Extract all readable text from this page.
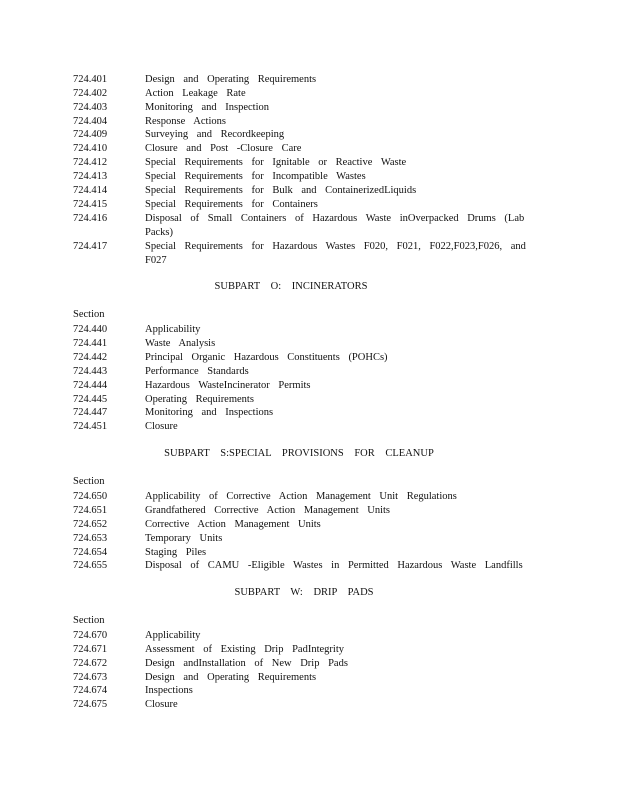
724.401	Design and Operating Requirements
724.402	Action Leakage Rate
724.403	Monitoring and Inspection
724.404	Response Actions
724.409	Surveying and Recordkeeping
724.410	Closure and Post -Closure Care
724.412	Special Requirements for Ignitable or Reactive Waste
724.413	Special Requirements for Incompatible Wastes
724.414	Special Requirements for Bulk and ContainerizedLiquids
724.415	Special Requirements for Containers
724.416	Disposal of Small Containers of Hazardous Waste inOverpacked Drums (Lab Packs)
724.417	Special Requirements for Hazardous Wastes F020, F021, F022,F023,F026, and F027
SUBPART O: INCINERATORS
Section
724.440	Applicability
724.441	Waste Analysis
724.442	Principal Organic Hazardous Constituents (POHCs)
724.443	Performance Standards
724.444	Hazardous WasteIncinerator Permits
724.445	Operating Requirements
724.447	Monitoring and Inspections
724.451	Closure
SUBPART S:SPECIAL PROVISIONS FOR CLEANUP
Section
724.650	Applicability of Corrective Action Management Unit Regulations
724.651	Grandfathered Corrective Action Management Units
724.652	Corrective Action Management Units
724.653	Temporary Units
724.654	Staging Piles
724.655	Disposal of CAMU -Eligible Wastes in Permitted Hazardous Waste Landfills
SUBPART W: DRIP PADS
Section
724.670	Applicability
724.671	Assessment of Existing Drip PadIntegrity
724.672	Design andInstallation of New Drip Pads
724.673	Design and Operating Requirements
724.674	Inspections
724.675	Closure
